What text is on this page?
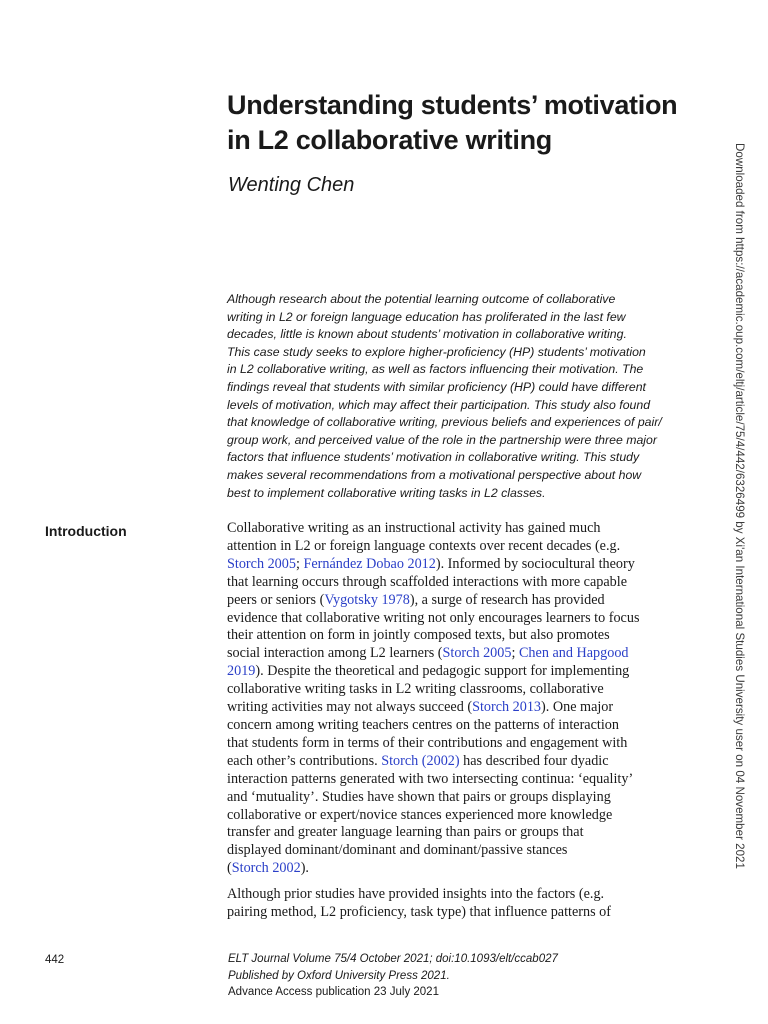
Understanding students’ motivation
in L2 collaborative writing
Wenting Chen
Although research about the potential learning outcome of collaborative
writing in L2 or foreign language education has proliferated in the last few
decades, little is known about students’ motivation in collaborative writing.
This case study seeks to explore higher-proficiency (HP) students’ motivation
in L2 collaborative writing, as well as factors influencing their motivation. The
findings reveal that students with similar proficiency (HP) could have different
levels of motivation, which may affect their participation. This study also found
that knowledge of collaborative writing, previous beliefs and experiences of pair/
group work, and perceived value of the role in the partnership were three major
factors that influence students’ motivation in collaborative writing. This study
makes several recommendations from a motivational perspective about how
best to implement collaborative writing tasks in L2 classes.
Introduction	Collaborative writing as an instructional activity has gained much
attention in L2 or foreign language contexts over recent decades (e.g.
Storch 2005; Fernández Dobao 2012). Informed by sociocultural theory
that learning occurs through scaffolded interactions with more capable
peers or seniors (Vygotsky 1978), a surge of research has provided
evidence that collaborative writing not only encourages learners to focus
their attention on form in jointly composed texts, but also promotes
social interaction among L2 learners (Storch 2005; Chen and Hapgood
2019). Despite the theoretical and pedagogic support for implementing
collaborative writing tasks in L2 writing classrooms, collaborative
writing activities may not always succeed (Storch 2013). One major
concern among writing teachers centres on the patterns of interaction
that students form in terms of their contributions and engagement with
each other’s contributions. Storch (2002) has described four dyadic
interaction patterns generated with two intersecting continua: ‘equality’
and ‘mutuality’. Studies have shown that pairs or groups displaying
collaborative or expert/novice stances experienced more knowledge
transfer and greater language learning than pairs or groups that
displayed dominant/dominant and dominant/passive stances
(Storch 2002).
Although prior studies have provided insights into the factors (e.g.
pairing method, L2 proficiency, task type) that influence patterns of
Downloaded from https://academic.oup.com/eltj/article/75/4/442/6326499 by Xi'an International Studies University user on 04 November 2021
442	ELT Journal Volume 75/4 October 2021; doi:10.1093/elt/ccab027
Published by Oxford University Press 2021.
Advance Access publication 23 July 2021
